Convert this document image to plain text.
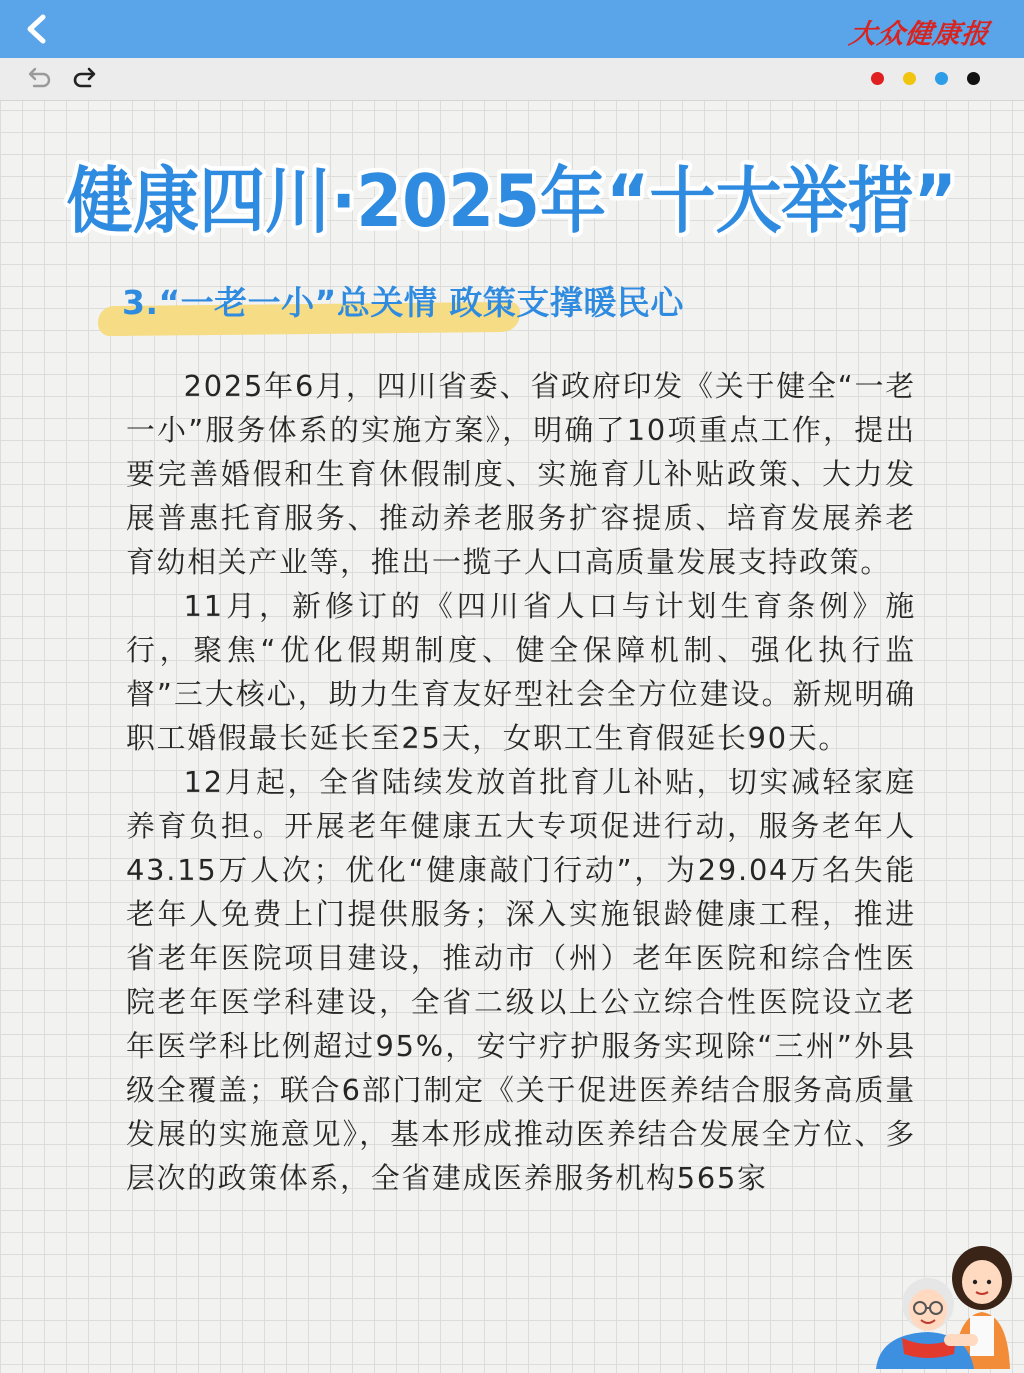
大众健康报
健康四川·2025年“十大举措”
3.“一老一小”总关情 政策支撑暖民心

2025年6月，四川省委、省政府印发《关于健全“一老一小”服务体系的实施方案》，明确了10项重点工作，提出要完善婚假和生育休假制度、实施育儿补贴政策、大力发展普惠托育服务、推动养老服务扩容提质、培育发展养老育幼相关产业等，推出一揽子人口高质量发展支持政策。

11月，新修订的《四川省人口与计划生育条例》施行，聚焦“优化假期制度、健全保障机制、强化执行监督”三大核心，助力生育友好型社会全方位建设。新规明确职工婚假最长延长至25天，女职工生育假延长90天。

12月起，全省陆续发放首批育儿补贴，切实减轻家庭养育负担。开展老年健康五大专项促进行动，服务老年人43.15万人次；优化“健康敲门行动”，为29.04万名失能老年人免费上门提供服务；深入实施银龄健康工程，推进省老年医院项目建设，推动市（州）老年医院和综合性医院老年医学科建设，全省二级以上公立综合性医院设立老年医学科比例超过95%，安宁疗护服务实现除“三州”外县级全覆盖；联合6部门制定《关于促进医养结合服务高质量发展的实施意见》，基本形成推动医养结合发展全方位、多层次的政策体系，全省建成医养服务机构565家
